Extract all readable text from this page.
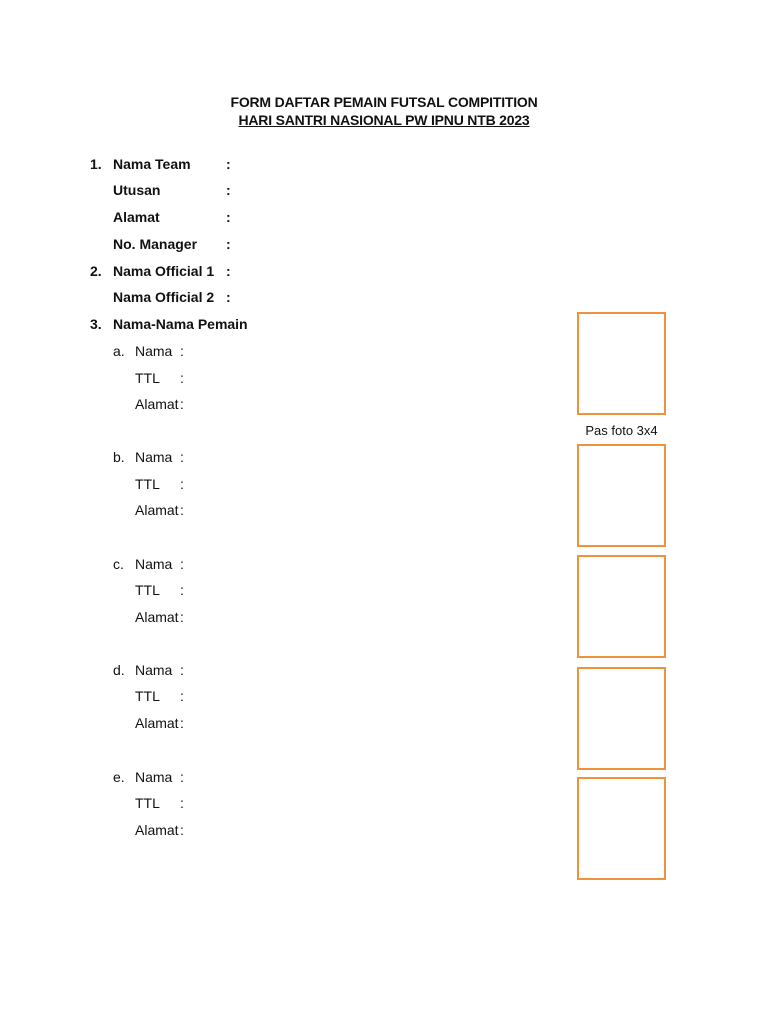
FORM DAFTAR PEMAIN FUTSAL COMPITITION
HARI SANTRI NASIONAL PW IPNU NTB 2023
1. Nama Team	:
Utusan	:
Alamat	:
No. Manager :
2. Nama Official 1 :
Nama Official 2 :
3. Nama-Nama Pemain
a. Nama :
TTL :
Alamat :
b. Nama :
TTL :
Alamat :
c. Nama :
TTL :
Alamat :
d. Nama :
TTL :
Alamat :
e. Nama :
TTL :
Alamat :
Pas foto 3x4
